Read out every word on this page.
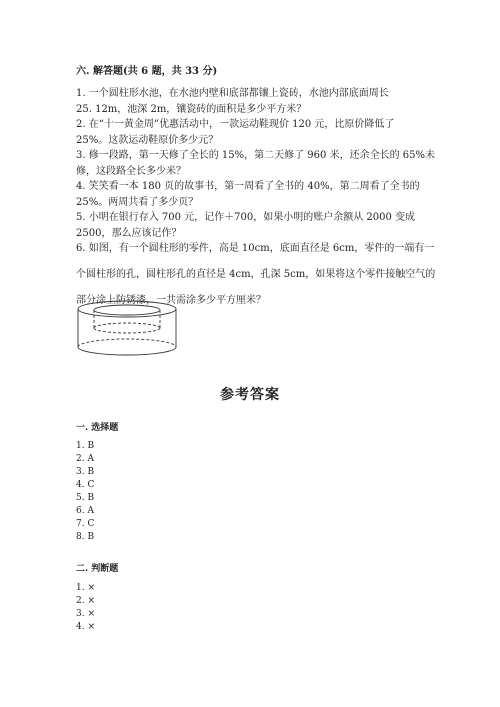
六. 解答题(共 6 题，共 33 分)

1. 一个圆柱形水池，在水池内壁和底部都镶上瓷砖，水池内部底面周长

25. 12m，池深 2m，镶瓷砖的面积是多少平方米？

2. 在“十一黄金周”优惠活动中，一款运动鞋现价 120 元，比原价降低了

25%。这款运动鞋原价多少元？

3. 修一段路，第一天修了全长的 15%，第二天修了 960 米，还余全长的 65%未

修，这段路全长多少米？

4. 笑笑看一本 180 页的故事书，第一周看了全书的 40%，第二周看了全书的

25%。两周共看了多少页？

5. 小明在银行存入 700 元，记作＋700，如果小明的账户余额从 2000 变成

2500，那么应该记作？

6. 如图，有一个圆柱形的零件，高是 10cm，底面直径是 6cm，零件的一端有一

个圆柱形的孔，圆柱形孔的直径是 4cm，孔深 5cm，如果将这个零件接触空气的

部分涂上防锈漆，一共需涂多少平方厘米？

参考答案
一. 选择题
1. B
2. A
3. B
4. C
5. B
6. A
7. C
8. B
二. 判断题
1. ×
2. ×
3. ×
4. ×
